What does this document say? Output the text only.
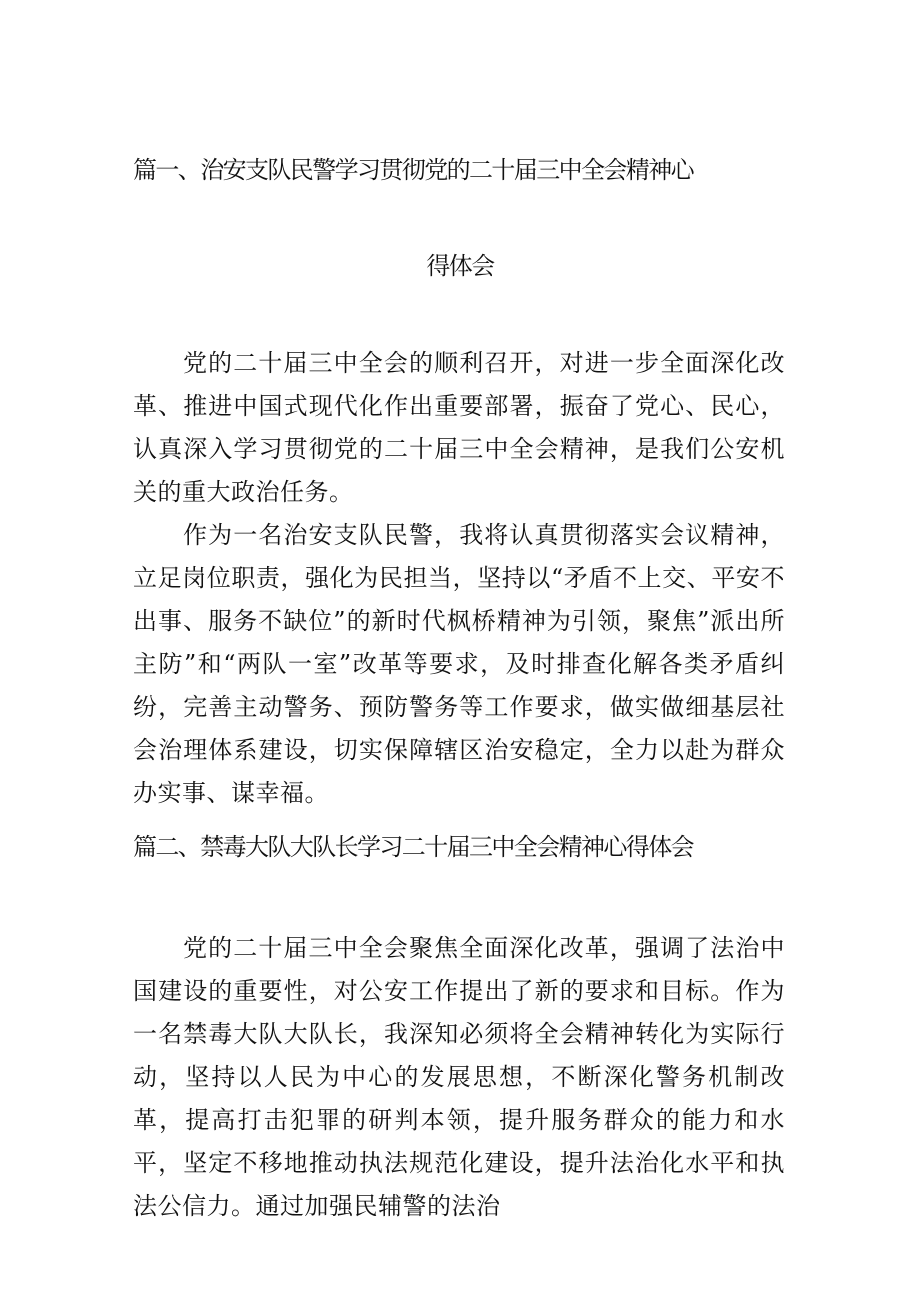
篇一、治安支队民警学习贯彻党的二十届三中全会精神心
得体会

党的二十届三中全会的顺利召开，对进一步全面深化改革、推进中国式现代化作出重要部署，振奋了党心、民心，认真深入学习贯彻党的二十届三中全会精神，是我们公安机关的重大政治任务。

作为一名治安支队民警，我将认真贯彻落实会议精神，立足岗位职责，强化为民担当，坚持以“矛盾不上交、平安不出事、服务不缺位”的新时代枫桥精神为引领，聚焦”派出所主防”和“两队一室”改革等要求，及时排查化解各类矛盾纠纷，完善主动警务、预防警务等工作要求，做实做细基层社会治理体系建设，切实保障辖区治安稳定，全力以赴为群众办实事、谋幸福。

篇二、禁毒大队大队长学习二十届三中全会精神心得体会

党的二十届三中全会聚焦全面深化改革，强调了法治中国建设的重要性，对公安工作提出了新的要求和目标。作为一名禁毒大队大队长，我深知必须将全会精神转化为实际行动，坚持以人民为中心的发展思想，不断深化警务机制改革，提高打击犯罪的研判本领，提升服务群众的能力和水平，坚定不移地推动执法规范化建设，提升法治化水平和执法公信力。通过加强民辅警的法治
